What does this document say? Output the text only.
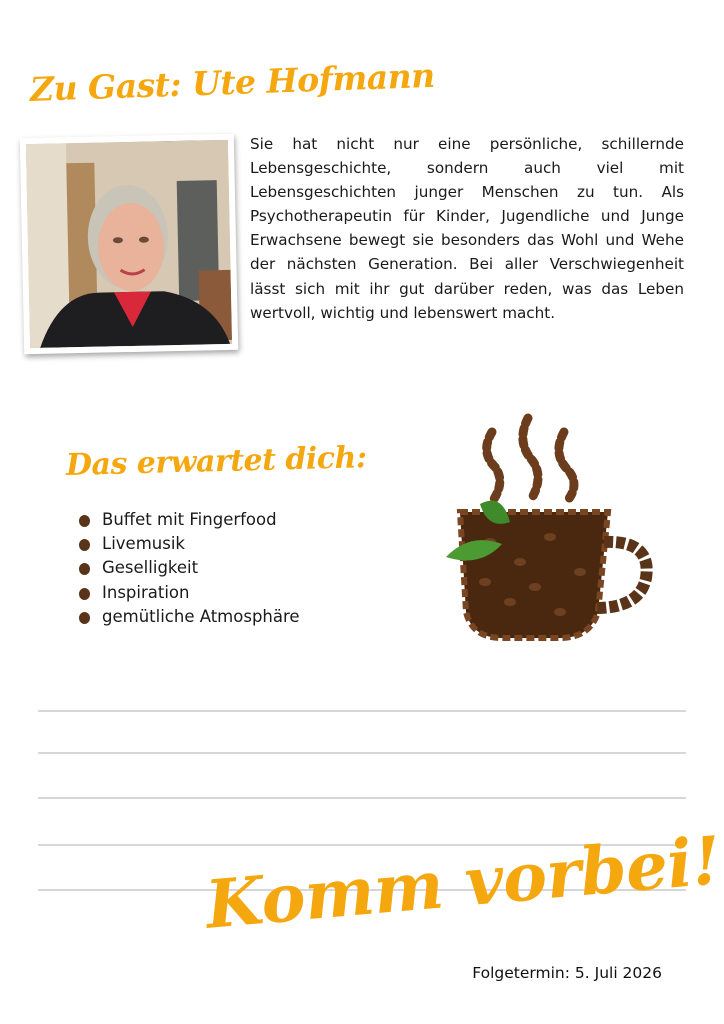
Zu Gast: Ute Hofmann

Sie hat nicht nur eine persönliche, schillernde Lebensgeschichte, sondern auch viel mit Lebensgeschichten junger Menschen zu tun. Als Psychotherapeutin für Kinder, Jugendliche und Junge Erwachsene bewegt sie besonders das Wohl und Wehe der nächsten Generation. Bei aller Verschwiegenheit lässt sich mit ihr gut darüber reden, was das Leben wertvoll, wichtig und lebenswert macht.

Das erwartet dich:
Buffet mit Fingerfood
Livemusik
Geselligkeit
Inspiration
gemütliche Atmosphäre
Komm vorbei!
Folgetermin: 5. Juli 2026
